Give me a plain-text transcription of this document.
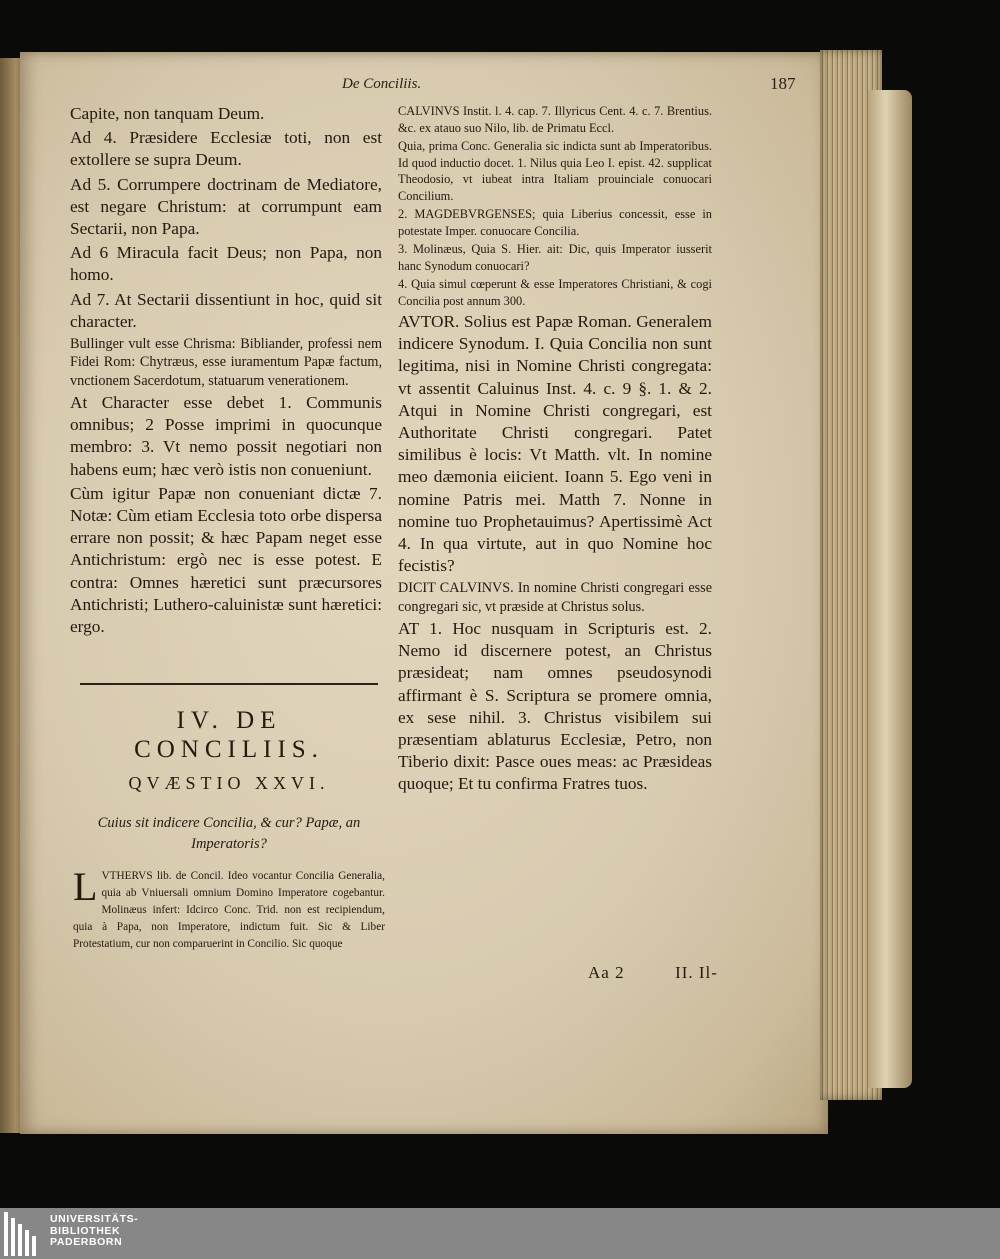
De Conciliis.	187

Capite, non tanquam Deum.

Ad 4. Præsidere Ecclesiæ toti, non est extollere se supra Deum.

Ad 5. Corrumpere doctrinam de Mediatore, est negare Christum: at corrumpunt eam Sectarii, non Papa.

Ad 6 Miracula facit Deus; non Papa, non homo.

Ad 7. At Sectarii dissentiunt in hoc, quid sit character.

Bullinger vult esse Chrisma: Bibliander, professi nem Fidei Rom: Chytræus, esse iuramentum Papæ factum, vnctionem Sacerdotum, statuarum venerationem.

At Character esse debet 1. Communis omnibus; 2 Posse imprimi in quocunque membro: 3. Vt nemo possit negotiari non habens eum; hæc verò istis non conueniunt.

Cùm igitur Papæ non conueniant dictæ 7. Notæ: Cùm etiam Ecclesia toto orbe dispersa errare non possit; & hæc Papam neget esse Antichristum: ergò nec is esse potest. E contra: Omnes hæretici sunt præcursores Antichristi; Luthero-caluinistæ sunt hæretici: ergo.

IV. DE CONCILIIS.
QVÆSTIO XXVI.
Cuius sit indicere Concilia, & cur? Papæ, an Imperatoris?
L VTHERVS lib. de Concil. Ideo vocantur Concilia Generalia, quia ab Vniuersali omnium Domino Imperatore cogebantur. Molinæus infert: Idcirco Conc. Trid. non est recipiendum, quia à Papa, non Imperatore, indictum fuit. Sic & Liber Protestatium, cur non comparuerint in Concilio. Sic quoque

CALVINVS Instit. l. 4. cap. 7. Illyricus Cent. 4. c. 7. Brentius. &c. ex atauo suo Nilo, lib. de Primatu Eccl.

Quia, prima Conc. Generalia sic indicta sunt ab Imperatoribus. Id quod inductio docet. 1. Nilus quia Leo I. epist. 42. supplicat Theodosio, vt iubeat intra Italiam prouinciale conuocari Concilium.

2. MAGDEBVRGENSES; quia Liberius concessit, esse in potestate Imper. conuocare Concilia.

3. Molinæus, Quia S. Hier. ait: Dic, quis Imperator iusserit hanc Synodum conuocari?

4. Quia simul cœperunt & esse Imperatores Christiani, & cogi Concilia post annum 300.

AVTOR. Solius est Papæ Roman. Generalem indicere Synodum. I. Quia Concilia non sunt legitima, nisi in Nomine Christi congregata: vt assentit Caluinus Inst. 4. c. 9 §. 1. & 2. Atqui in Nomine Christi congregari, est Authoritate Christi congregari. Patet similibus è locis: Vt Matth. vlt. In nomine meo dæmonia eiicient. Ioann 5. Ego veni in nomine Patris mei. Matth 7. Nonne in nomine tuo Prophetauimus? Apertissimè Act 4. In qua virtute, aut in quo Nomine hoc fecistis?

DICIT CALVINVS. In nomine Christi congregari esse congregari sic, vt præside at Christus solus.

AT 1. Hoc nusquam in Scripturis est. 2. Nemo id discernere potest, an Christus præsideat; nam omnes pseudosynodi affirmant è S. Scriptura se promere omnia, ex sese nihil. 3. Christus visibilem sui præsentiam ablaturus Ecclesiæ, Petro, non Tiberio dixit: Pasce oues meas: ac Præsideas quoque; Et tu confirma Fratres tuos.

Aa 2	II. Il-
UNIVERSITÄTS-
BIBLIOTHEK
PADERBORN
